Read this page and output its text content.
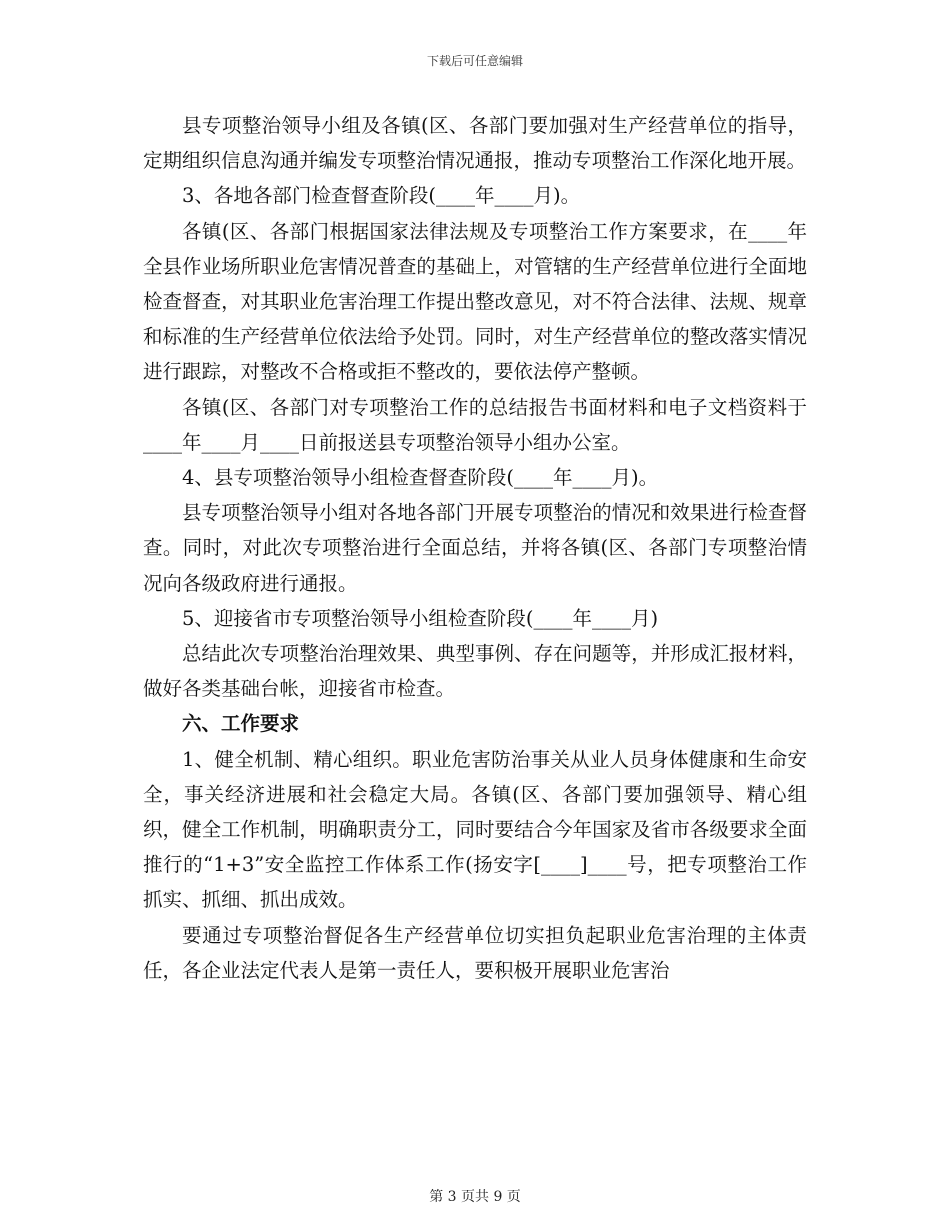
下载后可任意编辑

县专项整治领导小组及各镇(区、各部门要加强对生产经营单位的指导，定期组织信息沟通并编发专项整治情况通报，推动专项整治工作深化地开展。

3、各地各部门检查督查阶段(____年____月)。

各镇(区、各部门根据国家法律法规及专项整治工作方案要求，在____年全县作业场所职业危害情况普查的基础上，对管辖的生产经营单位进行全面地检查督查，对其职业危害治理工作提出整改意见，对不符合法律、法规、规章和标准的生产经营单位依法给予处罚。同时，对生产经营单位的整改落实情况进行跟踪，对整改不合格或拒不整改的，要依法停产整顿。

各镇(区、各部门对专项整治工作的总结报告书面材料和电子文档资料于____年____月____日前报送县专项整治领导小组办公室。

4、县专项整治领导小组检查督查阶段(____年____月)。

县专项整治领导小组对各地各部门开展专项整治的情况和效果进行检查督查。同时，对此次专项整治进行全面总结，并将各镇(区、各部门专项整治情况向各级政府进行通报。

5、迎接省市专项整治领导小组检查阶段(____年____月)

总结此次专项整治治理效果、典型事例、存在问题等，并形成汇报材料，做好各类基础台帐，迎接省市检查。

六、工作要求

1、健全机制、精心组织。职业危害防治事关从业人员身体健康和生命安全，事关经济进展和社会稳定大局。各镇(区、各部门要加强领导、精心组织，健全工作机制，明确职责分工，同时要结合今年国家及省市各级要求全面推行的“1+3”安全监控工作体系工作(扬安字[____]____号，把专项整治工作抓实、抓细、抓出成效。

要通过专项整治督促各生产经营单位切实担负起职业危害治理的主体责任，各企业法定代表人是第一责任人，要积极开展职业危害治

第 3 页共 9 页
